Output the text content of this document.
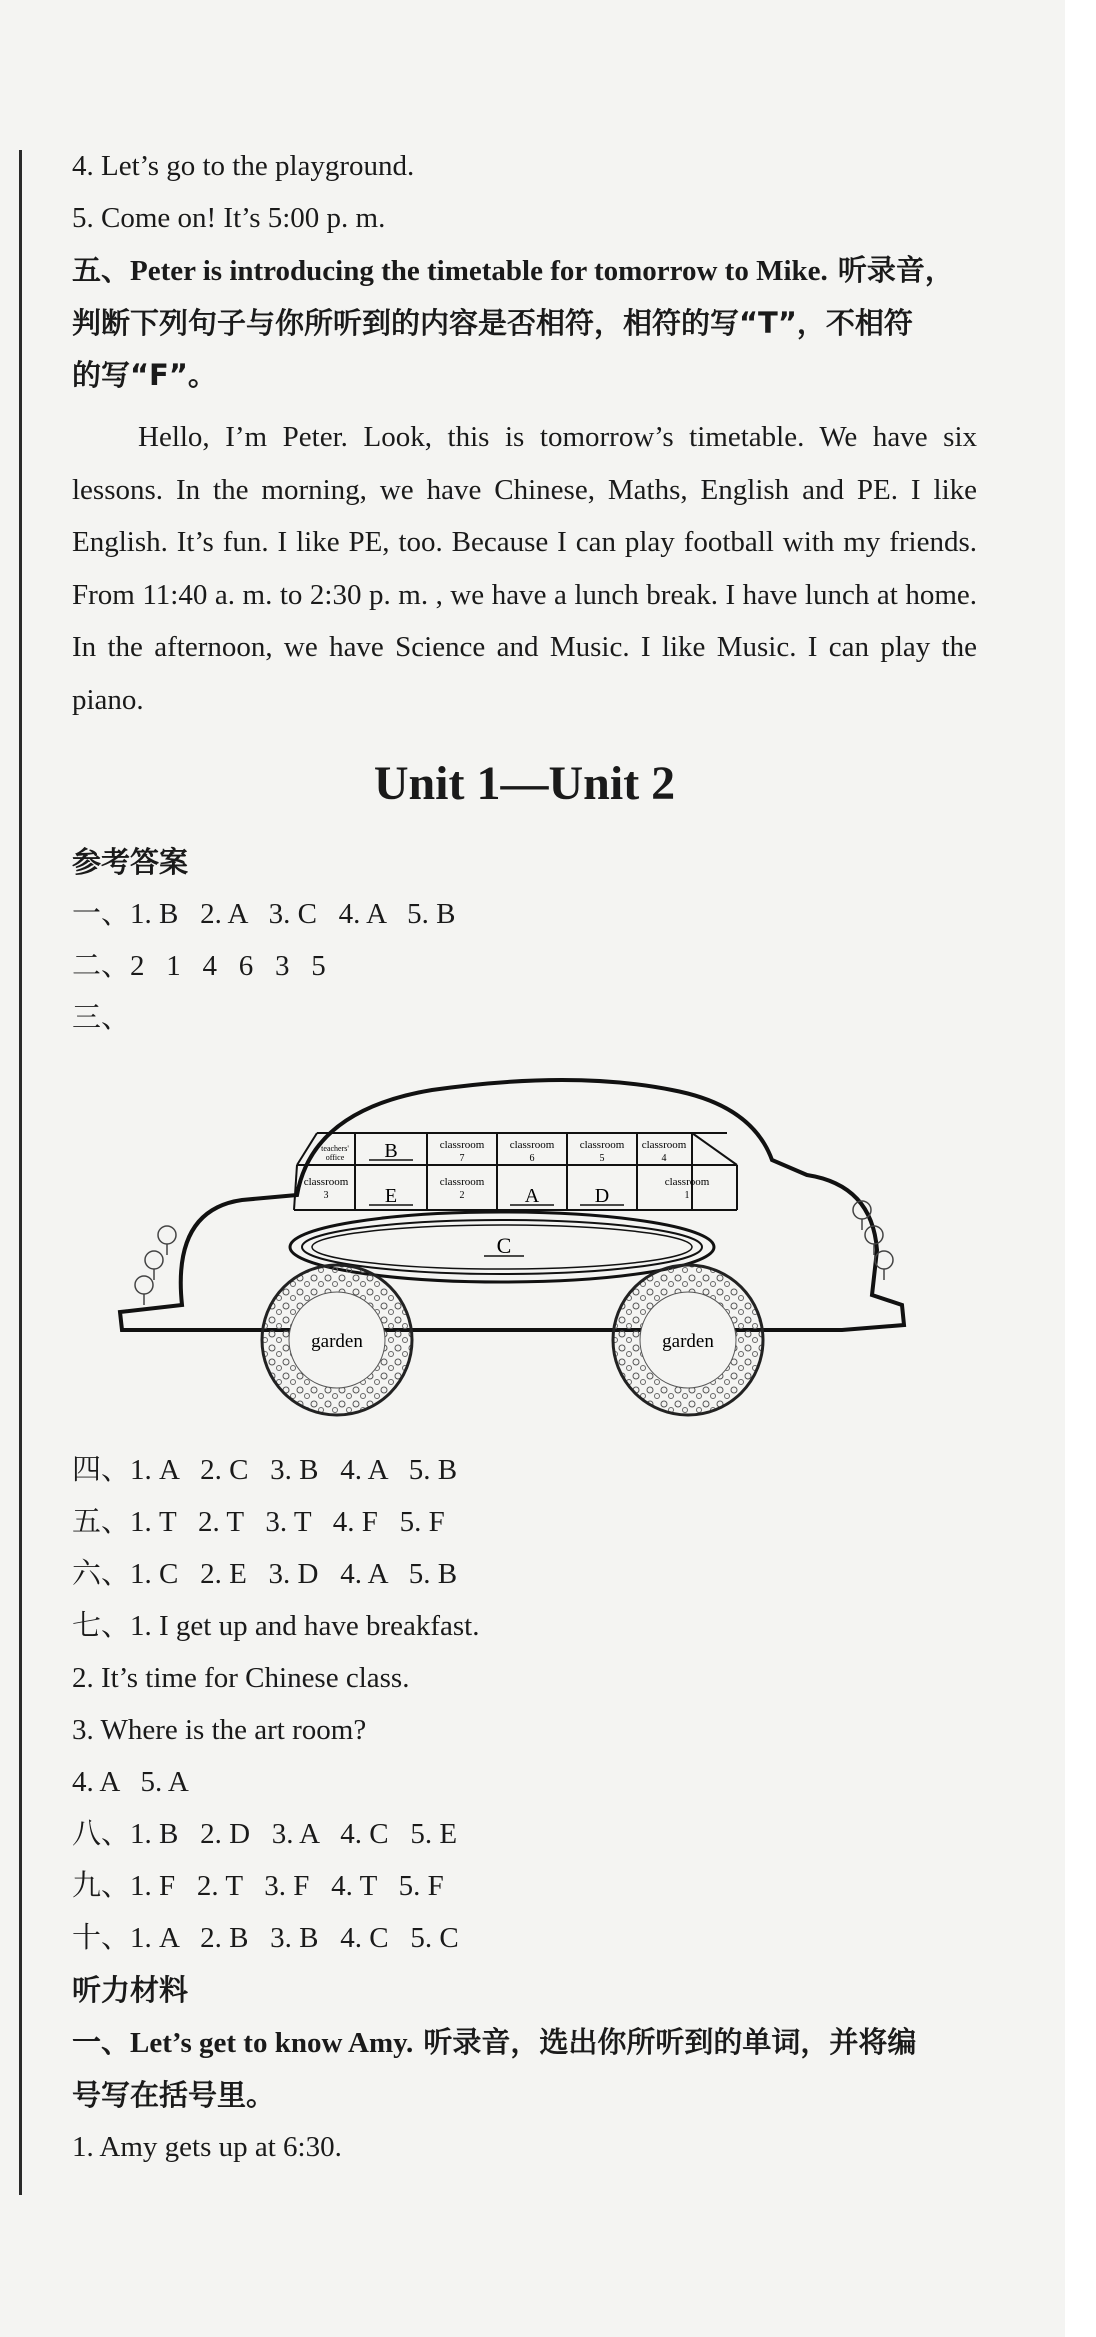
4. Let’s go to the playground.

5. Come on! It’s 5:00 p. m.

五、Peter is introducing the timetable for tomorrow to Mike. 听录音，

判断下列句子与你所听到的内容是否相符，相符的写“T”，不相符

的写“F”。

Hello, I’m Peter. Look, this is tomorrow’s timetable. We have six lessons. In the morning, we have Chinese, Maths, English and PE. I like English. It’s fun. I like PE, too. Because I can play football with my friends. From 11:40 a. m. to 2:30 p. m. , we have a lunch break. I have lunch at home. In the afternoon, we have Science and Music. I like Music. I can play the piano.

Unit 1—Unit 2

参考答案

一、1. B   2. A   3. C   4. A   5. B

二、2   1   4   6   3   5

三、

teachers'
office B	classroom
7
classroom
6
classroom
5
classroom
4
classroom
3	E
classroom
2	A	D
classroom
1
C
garden	garden

四、1. A   2. C   3. B   4. A   5. B

五、1. T   2. T   3. T   4. F   5. F

六、1. C   2. E   3. D   4. A   5. B

七、1. I get up and have breakfast.

2. It’s time for Chinese class.

3. Where is the art room?

4. A   5. A

八、1. B   2. D   3. A   4. C   5. E

九、1. F   2. T   3. F   4. T   5. F

十、1. A   2. B   3. B   4. C   5. C

听力材料

一、Let’s get to know Amy. 听录音，选出你所听到的单词，并将编

号写在括号里。

1. Amy gets up at 6:30.
